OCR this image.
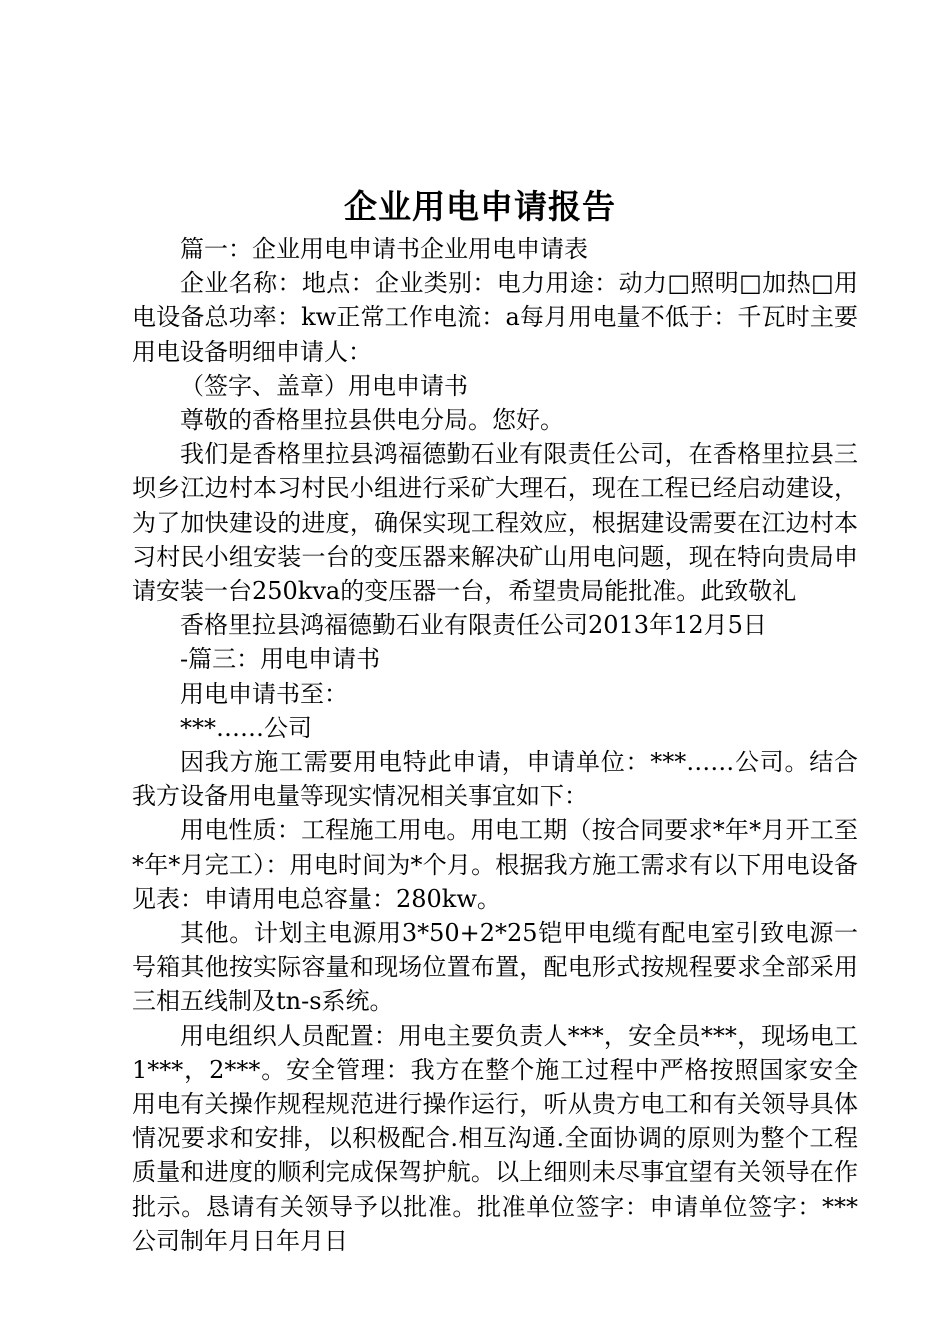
企业用电申请报告

篇一：企业用电申请书企业用电申请表

企业名称：地点：企业类别：电力用途：动力□照明□加热□用电设备总功率：kw正常工作电流：a每月用电量不低于：千瓦时主要用电设备明细申请人：

（签字、盖章）用电申请书

尊敬的香格里拉县供电分局。您好。

我们是香格里拉县鸿福德勤石业有限责任公司，在香格里拉县三坝乡江边村本习村民小组进行采矿大理石，现在工程已经启动建设，为了加快建设的进度，确保实现工程效应，根据建设需要在江边村本习村民小组安装一台的变压器来解决矿山用电问题，现在特向贵局申请安装一台250kva的变压器一台，希望贵局能批准。此致敬礼

香格里拉县鸿福德勤石业有限责任公司2013年12月5日

-篇三：用电申请书

用电申请书至：

***……公司

因我方施工需要用电特此申请，申请单位：***……公司。结合我方设备用电量等现实情况相关事宜如下：

用电性质：工程施工用电。用电工期（按合同要求*年*月开工至*年*月完工）：用电时间为*个月。根据我方施工需求有以下用电设备见表：申请用电总容量：280kw。

其他。计划主电源用3*50+2*25铠甲电缆有配电室引致电源一号箱其他按实际容量和现场位置布置，配电形式按规程要求全部采用三相五线制及tn-s系统。

用电组织人员配置：用电主要负责人***，安全员***，现场电工1***，2***。安全管理：我方在整个施工过程中严格按照国家安全用电有关操作规程规范进行操作运行，听从贵方电工和有关领导具体情况要求和安排，以积极配合.相互沟通.全面协调的原则为整个工程质量和进度的顺利完成保驾护航。以上细则未尽事宜望有关领导在作批示。恳请有关领导予以批准。批准单位签字：申请单位签字：***公司制年月日年月日
